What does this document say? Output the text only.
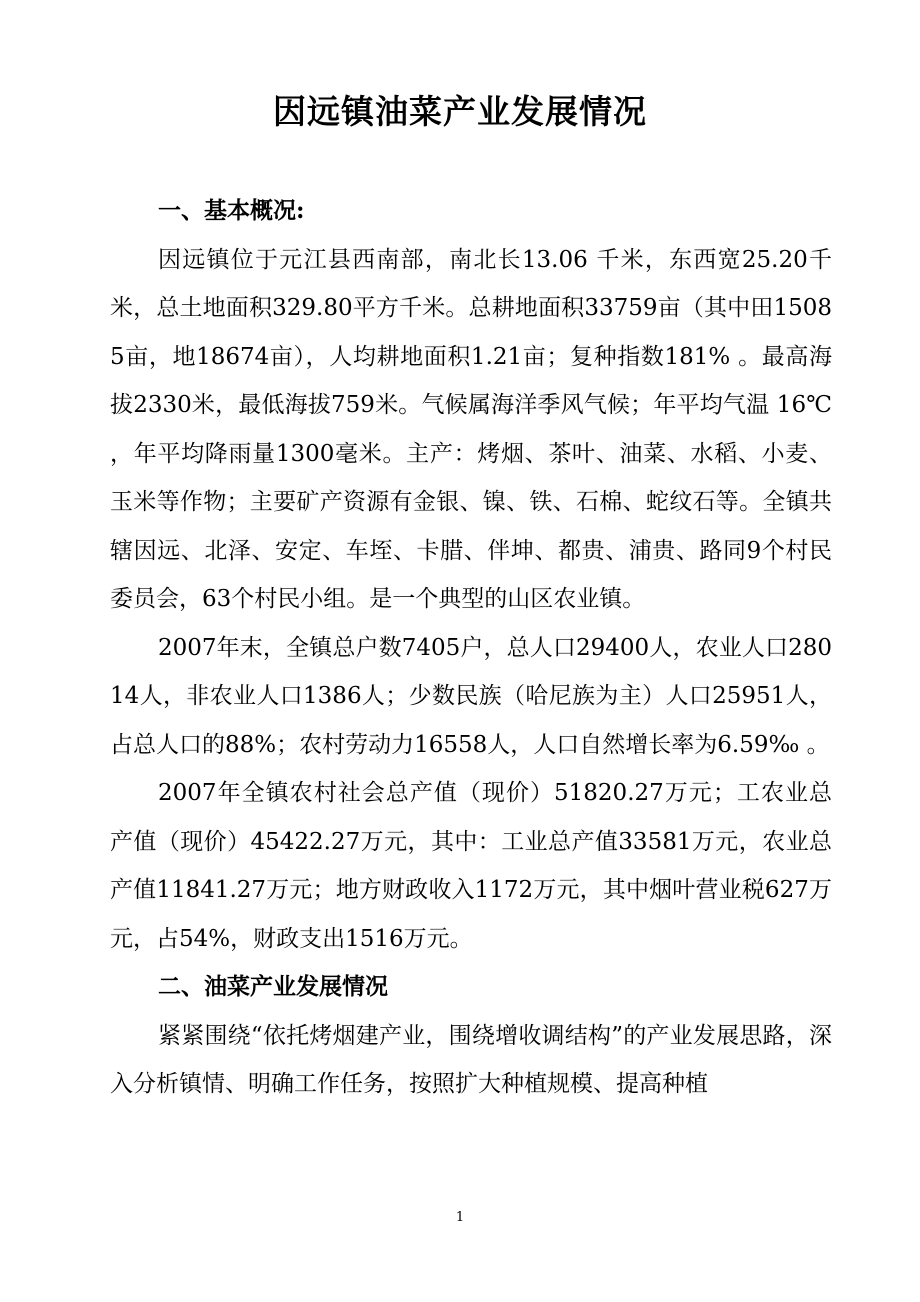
因远镇油菜产业发展情况

一、基本概况:

因远镇位于元江县西南部，南北长13.06 千米，东西宽25.20千米，总土地面积329.80平方千米。总耕地面积33759亩（其中田15085亩，地18674亩），人均耕地面积1.21亩；复种指数181% 。最高海拔2330米，最低海拔759米。气候属海洋季风气候；年平均气温 16℃ ，年平均降雨量1300毫米。主产：烤烟、茶叶、油菜、水稻、小麦、玉米等作物；主要矿产资源有金银、镍、铁、石棉、蛇纹石等。全镇共辖因远、北泽、安定、车垤、卡腊、伴坤、都贵、浦贵、路同9个村民委员会，63个村民小组。是一个典型的山区农业镇。

2007年末，全镇总户数7405户，总人口29400人，农业人口28014人，非农业人口1386人；少数民族（哈尼族为主）人口25951人，占总人口的88%；农村劳动力16558人，人口自然增长率为6.59‰ 。

2007年全镇农村社会总产值（现价）51820.27万元；工农业总产值（现价）45422.27万元，其中：工业总产值33581万元，农业总产值11841.27万元；地方财政收入1172万元，其中烟叶营业税627万元，占54%，财政支出1516万元。

二、油菜产业发展情况

紧紧围绕“依托烤烟建产业，围绕增收调结构”的产业发展思路，深入分析镇情、明确工作任务，按照扩大种植规模、提高种植

1
